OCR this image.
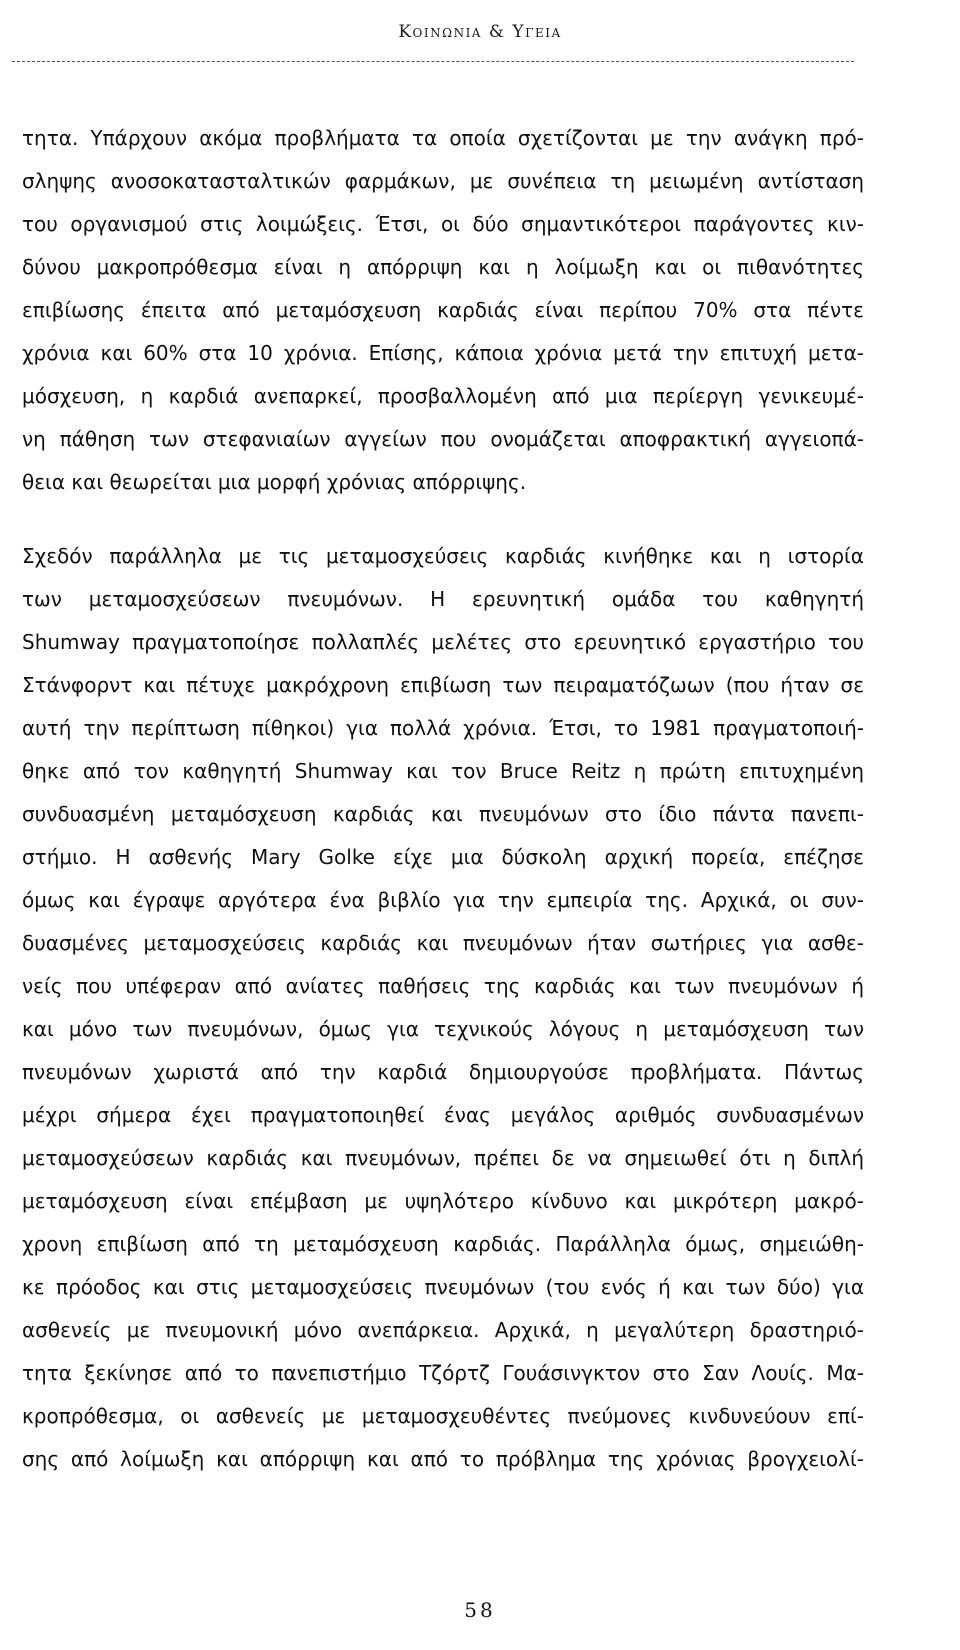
Κοινωνια & Υγεια

τητα. Υπάρχουν ακόμα προβλήματα τα οποία σχετίζονται με την ανάγκη πρό-
σληψης ανοσοκατασταλτικών φαρμάκων, με συνέπεια τη μειωμένη αντίσταση
του οργανισμού στις λοιμώξεις. Έτσι, οι δύο σημαντικότεροι παράγοντες κιν-
δύνου μακροπρόθεσμα είναι η απόρριψη και η λοίμωξη και οι πιθανότητες
επιβίωσης έπειτα από μεταμόσχευση καρδιάς είναι περίπου 70% στα πέντε
χρόνια και 60% στα 10 χρόνια. Επίσης, κάποια χρόνια μετά την επιτυχή μετα-
μόσχευση, η καρδιά ανεπαρκεί, προσβαλλομένη από μια περίεργη γενικευμέ-
νη πάθηση των στεφανιαίων αγγείων που ονομάζεται αποφρακτική αγγειοπά-
θεια και θεωρείται μια μορφή χρόνιας απόρριψης.

Σχεδόν παράλληλα με τις μεταμοσχεύσεις καρδιάς κινήθηκε και η ιστορία
των μεταμοσχεύσεων πνευμόνων. Η ερευνητική ομάδα του καθηγητή
Shumway πραγματοποίησε πολλαπλές μελέτες στο ερευνητικό εργαστήριο του
Στάνφορντ και πέτυχε μακρόχρονη επιβίωση των πειραματόζωων (που ήταν σε
αυτή την περίπτωση πίθηκοι) για πολλά χρόνια. Έτσι, το 1981 πραγματοποιή-
θηκε από τον καθηγητή Shumway και τον Bruce Reitz η πρώτη επιτυχημένη
συνδυασμένη μεταμόσχευση καρδιάς και πνευμόνων στο ίδιο πάντα πανεπι-
στήμιο. Η ασθενής Mary Golke είχε μια δύσκολη αρχική πορεία, επέζησε
όμως και έγραψε αργότερα ένα βιβλίο για την εμπειρία της. Αρχικά, οι συν-
δυασμένες μεταμοσχεύσεις καρδιάς και πνευμόνων ήταν σωτήριες για ασθε-
νείς που υπέφεραν από ανίατες παθήσεις της καρδιάς και των πνευμόνων ή
και μόνο των πνευμόνων, όμως για τεχνικούς λόγους η μεταμόσχευση των
πνευμόνων χωριστά από την καρδιά δημιουργούσε προβλήματα. Πάντως
μέχρι σήμερα έχει πραγματοποιηθεί ένας μεγάλος αριθμός συνδυασμένων
μεταμοσχεύσεων καρδιάς και πνευμόνων, πρέπει δε να σημειωθεί ότι η διπλή
μεταμόσχευση είναι επέμβαση με υψηλότερο κίνδυνο και μικρότερη μακρό-
χρονη επιβίωση από τη μεταμόσχευση καρδιάς. Παράλληλα όμως, σημειώθη-
κε πρόοδος και στις μεταμοσχεύσεις πνευμόνων (του ενός ή και των δύο) για
ασθενείς με πνευμονική μόνο ανεπάρκεια. Αρχικά, η μεγαλύτερη δραστηριό-
τητα ξεκίνησε από το πανεπιστήμιο Τζόρτζ Γουάσινγκτον στο Σαν Λουίς. Μα-
κροπρόθεσμα, οι ασθενείς με μεταμοσχευθέντες πνεύμονες κινδυνεύουν επί-
σης από λοίμωξη και απόρριψη και από το πρόβλημα της χρόνιας βρογχειολί-

58
